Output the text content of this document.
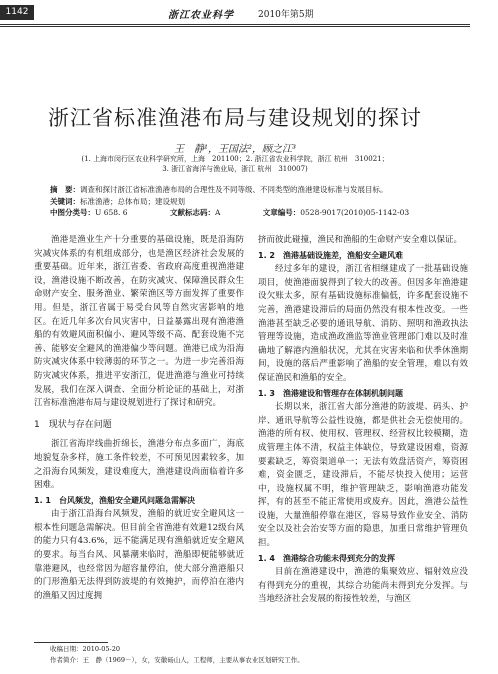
1142	浙江农业科学	2010年第5期
浙江省标准渔港布局与建设规划的探讨
王　静¹，王国法²，顾之江³
(1. 上海市闵行区农业科学研究所，上海　201100；2. 浙江省农业科学院，浙江 杭州　310021；
3. 浙江省海洋与渔业局，浙江 杭州　310007)
摘　要：调查和探讨浙江省标准渔港布局的合理性及不同等级、不同类型的渔港建设标准与发展目标。
关键词：标准渔港；总体布局；建设规划
中图分类号：U 658. 6	文献标志码：A	文章编号：0528-9017(2010)05-1142-03

渔港是渔业生产十分重要的基础设施，既是沿海防灾减灾体系的有机组成部分，也是渔区经济社会发展的重要基础。近年来，浙江省委、省政府高度重视渔港建设，渔港设施不断改善，在防灾减灾、保障渔民群众生命财产安全、服务渔业、繁荣渔区等方面发挥了重要作用。但是，浙江省属于易受台风等自然灾害影响的地区。在近几年多次台风灾害中，日益暴露出现有渔港渔船的有效避风面积偏小、避风等级不高、配套设施不完善、能够安全避风的渔港偏少等问题。渔港已成为沿海防灾减灾体系中较薄弱的环节之一。为进一步完善沿海防灾减灾体系，推进平安浙江，促进渔港与渔业可持续发展，我们在深入调查、全面分析论证的基础上，对浙江省标准渔港布局与建设规划进行了探讨和研究。

1　现状与存在问题

浙江省海岸线曲折绵长，渔港分布点多面广，海底地貌复杂多样，施工条件较差，不可预见因素较多，加之沿海台风频发，建设难度大，渔港建设尚面临着许多困难。

1. 1　台风频发，渔船安全避风问题急需解决

由于浙江沿海台风频发，渔船的就近安全避风这一根本性问题急需解决。但目前全省渔港有效避12级台风的能力只有43.6%，远不能满足现有渔船就近安全避风的要求。每当台风、风暴潮来临时，渔船即便能够就近靠港避风，也经常因为超容量停泊，使大部分渔港船只的门形渔船无法得到防波堤的有效掩护，而停泊在港内的渔船又因过度拥

挤而彼此碰撞，渔民和渔船的生命财产安全难以保证。

1. 2　渔港基础设施差，渔船安全避风难

经过多年的建设，浙江省相继建成了一批基础设施项目，使渔港面貌得到了较大的改善。但因多年渔港建设欠账太多，原有基础设施标准偏低，许多配套设施不完善，渔港建设滞后的局面仍然没有根本性改变。一些渔港甚至缺乏必要的通讯导航、消防、照明和渔政执法管理等设施，造成渔政渔监等渔业管理部门难以及时准确地了解港内渔船状况，尤其在灾害来临和伏季休渔期间，设施的落后严重影响了渔船的安全管理，难以有效保证渔民和渔船的安全。

1. 3　渔港建设和管理存在体制机制问题

长期以来，浙江省大部分渔港的防波堤、码头、护岸、通讯导航等公益性设施，都是供社会无偿使用的。渔港的所有权、使用权、管理权、经营权比较模糊，造成管理主体不清，权益主体缺位，导致建设困难，资源要素缺乏，筹资渠道单一；无法有效盘活资产，筹资困难，资金匮乏，建设滞后，不能尽快投入使用；运营中，设施权属不明，维护管理缺乏，影响渔港功能发挥，有的甚至不能正常使用或废弃。因此，渔港公益性设施，大量渔船停靠在港区，容易导致作业安全、消防安全以及社会治安等方面的隐患，加重日常维护管理负担。

1. 4　渔港综合功能未得到充分的发挥

目前在渔港建设中，渔港的集聚效应、辐射效应没有得到充分的重视，其综合功能尚未得到充分发挥。与当地经济社会发展的衔接性较差，与渔区

收稿日期：2010-05-20
作者简介：王　静（1969－），女，安徽砀山人，工程师，主要从事农业区划研究工作。
